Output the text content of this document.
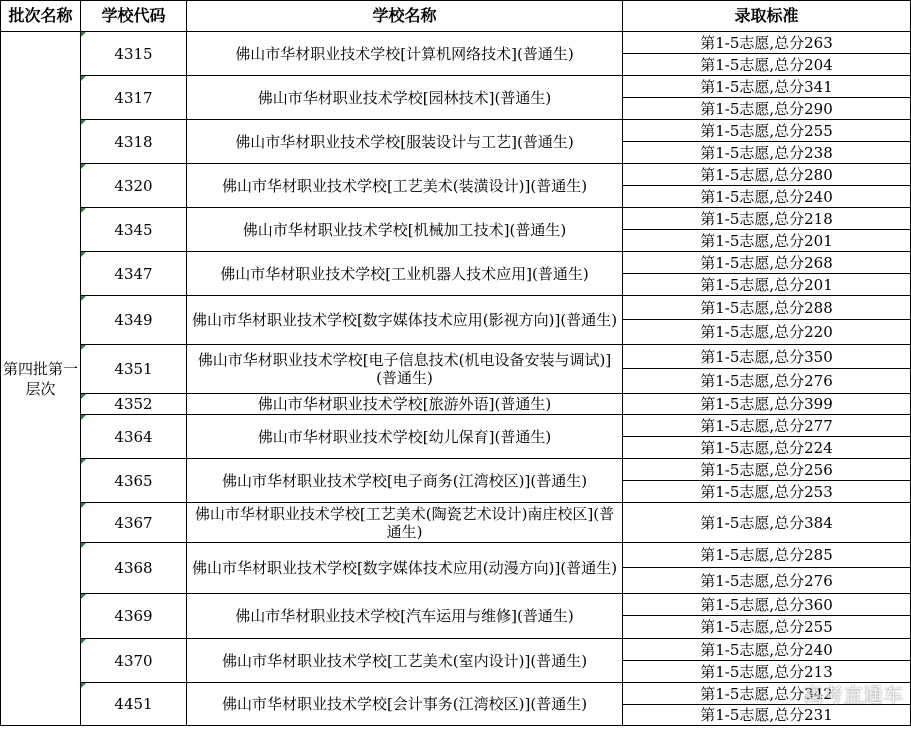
批次名称	学校代码	学校名称	录取标准
第四批第一层次	4315	佛山市华材职业技术学校[计算机网络技术](普通生)	第1-5志愿,总分263
			第1-5志愿,总分204
	4317	佛山市华材职业技术学校[园林技术](普通生)	第1-5志愿,总分341
			第1-5志愿,总分290
	4318	佛山市华材职业技术学校[服装设计与工艺](普通生)	第1-5志愿,总分255
			第1-5志愿,总分238
	4320	佛山市华材职业技术学校[工艺美术(装潢设计)](普通生)	第1-5志愿,总分280
			第1-5志愿,总分240
	4345	佛山市华材职业技术学校[机械加工技术](普通生)	第1-5志愿,总分218
			第1-5志愿,总分201
	4347	佛山市华材职业技术学校[工业机器人技术应用](普通生)	第1-5志愿,总分268
			第1-5志愿,总分201
	4349	佛山市华材职业技术学校[数字媒体技术应用(影视方向)](普通生)	第1-5志愿,总分288
			第1-5志愿,总分220
	4351	佛山市华材职业技术学校[电子信息技术(机电设备安装与调试)](普通生)	第1-5志愿,总分350
			第1-5志愿,总分276
	4352	佛山市华材职业技术学校[旅游外语](普通生)	第1-5志愿,总分399
	4364	佛山市华材职业技术学校[幼儿保育](普通生)	第1-5志愿,总分277
			第1-5志愿,总分224
	4365	佛山市华材职业技术学校[电子商务(江湾校区)](普通生)	第1-5志愿,总分256
			第1-5志愿,总分253
	4367	佛山市华材职业技术学校[工艺美术(陶瓷艺术设计)南庄校区](普通生)	第1-5志愿,总分384
	4368	佛山市华材职业技术学校[数字媒体技术应用(动漫方向)](普通生)	第1-5志愿,总分285
			第1-5志愿,总分276
	4369	佛山市华材职业技术学校[汽车运用与维修](普通生)	第1-5志愿,总分360
			第1-5志愿,总分255
	4370	佛山市华材职业技术学校[工艺美术(室内设计)](普通生)	第1-5志愿,总分240
			第1-5志愿,总分213
	4451	佛山市华材职业技术学校[会计事务(江湾校区)](普通生)	第1-5志愿,总分342
			第1-5志愿,总分231
高考直通车
